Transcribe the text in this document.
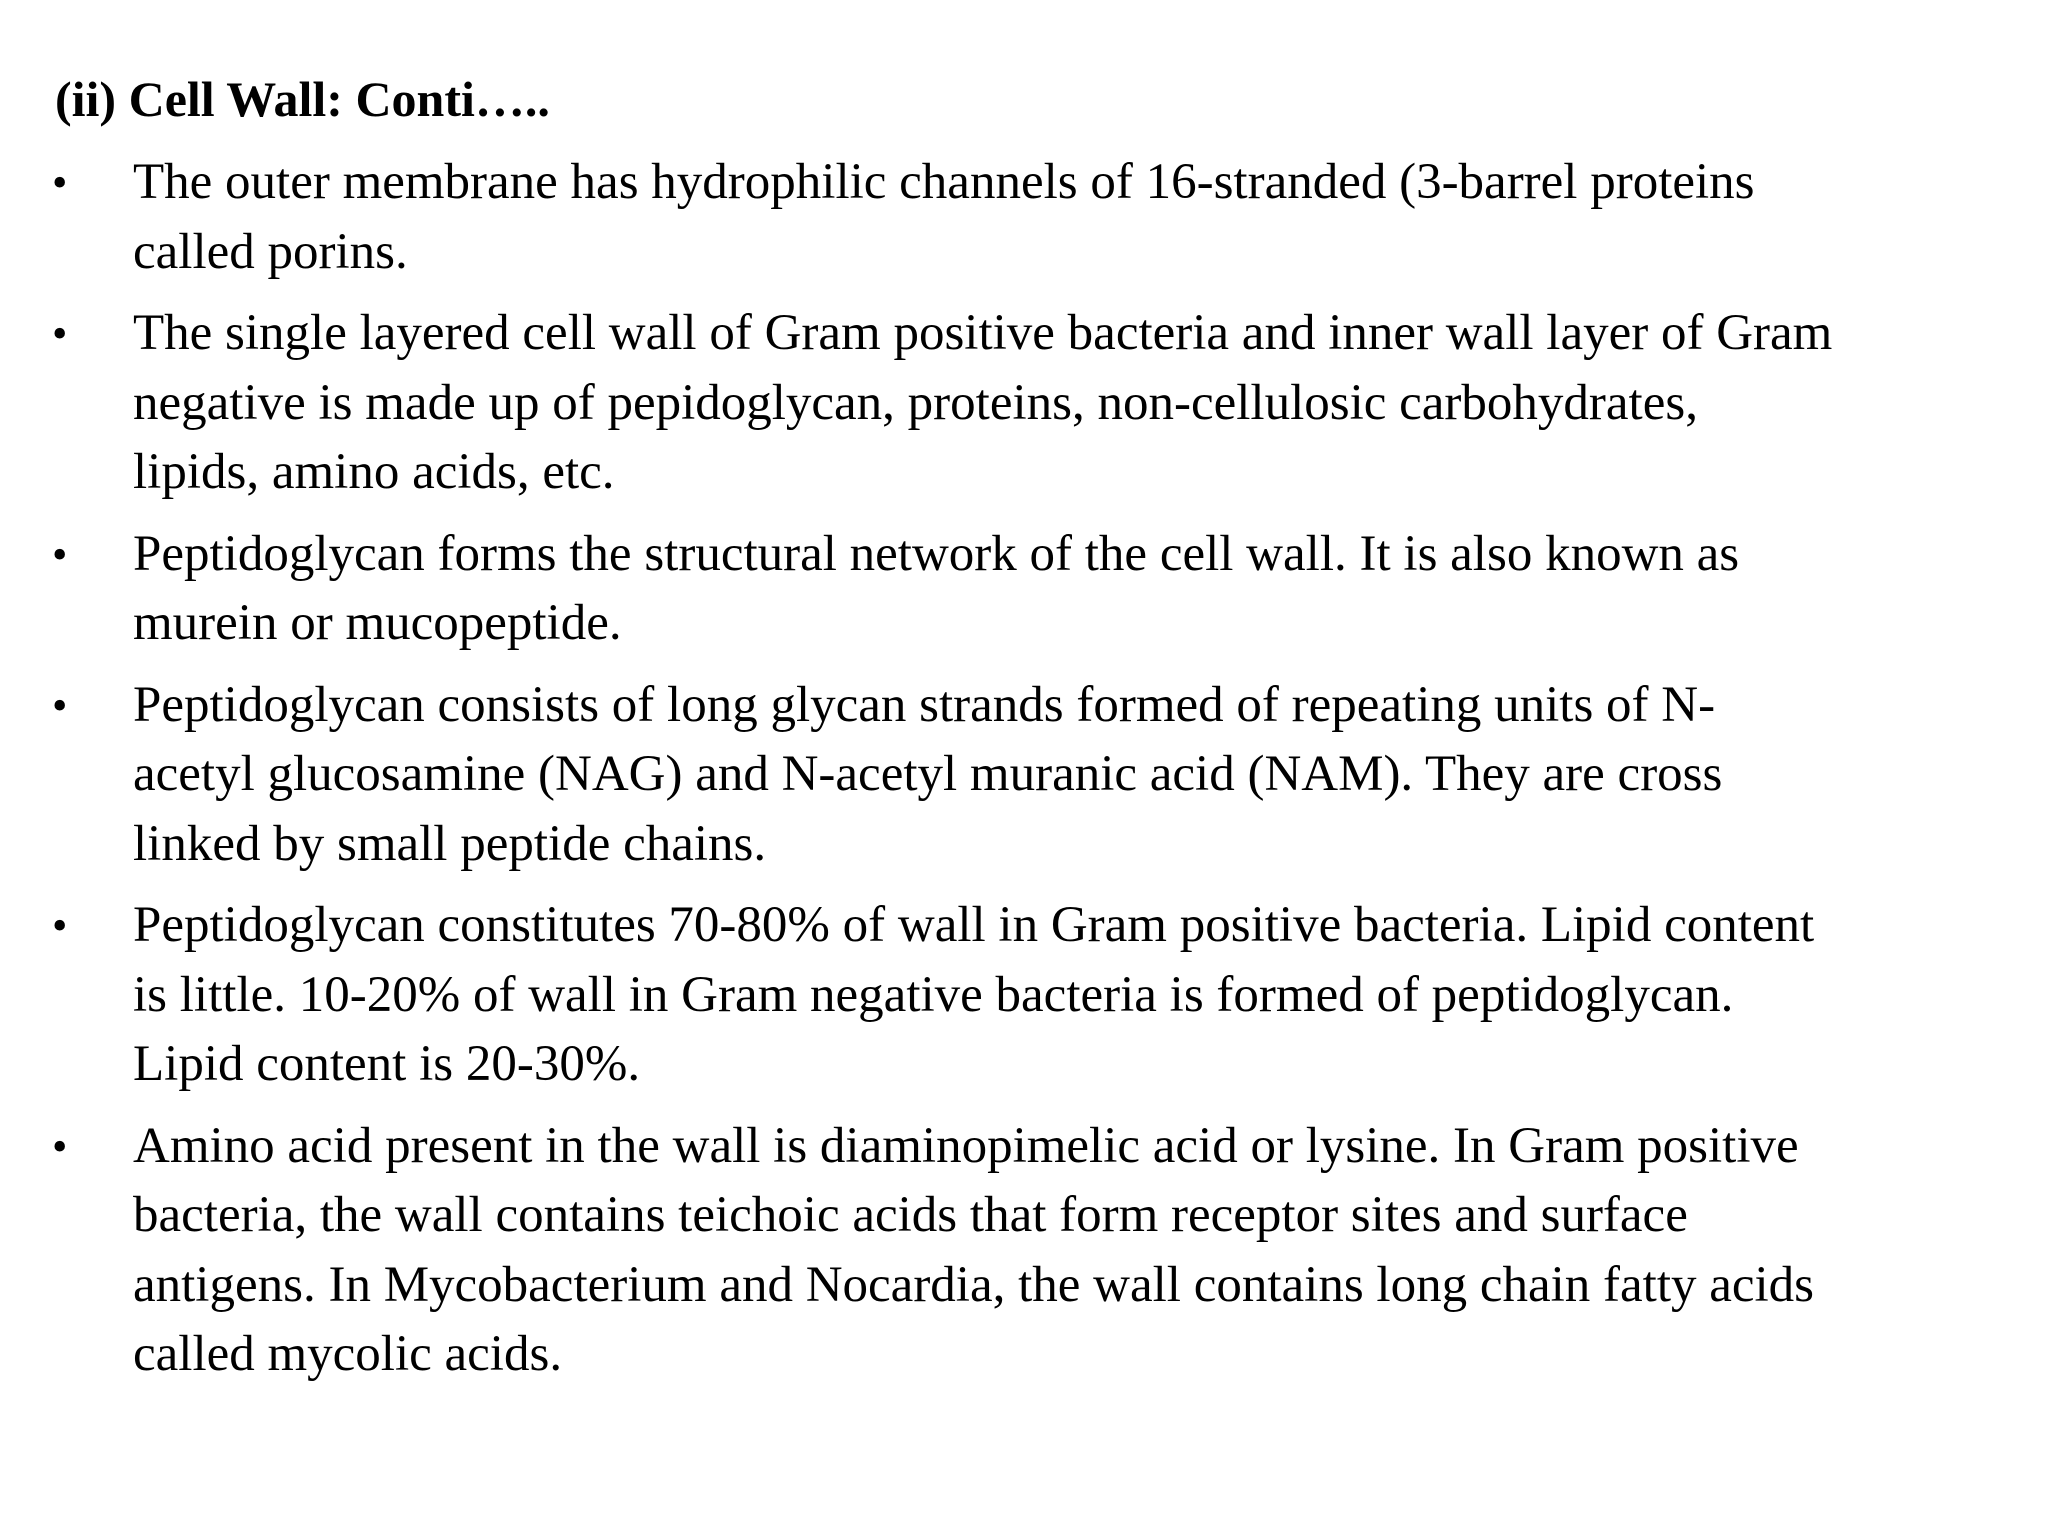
(ii) Cell Wall: Conti…..
• The outer membrane has hydrophilic channels of 16-stranded (3-barrel proteins
called porins.
• The single layered cell wall of Gram positive bacteria and inner wall layer of Gram
negative is made up of pepidoglycan, proteins, non-cellulosic carbohydrates,
lipids, amino acids, etc.
• Peptidoglycan forms the structural network of the cell wall. It is also known as
murein or mucopeptide.
• Peptidoglycan consists of long glycan strands formed of repeating units of N-
acetyl glucosamine (NAG) and N-acetyl muranic acid (NAM). They are cross
linked by small peptide chains.
• Peptidoglycan constitutes 70-80% of wall in Gram positive bacteria. Lipid content
is little. 10-20% of wall in Gram negative bacteria is formed of peptidoglycan.
Lipid content is 20-30%.
• Amino acid present in the wall is diaminopimelic acid or lysine. In Gram positive
bacteria, the wall contains teichoic acids that form receptor sites and surface
antigens. In Mycobacterium and Nocardia, the wall contains long chain fatty acids
called mycolic acids.
